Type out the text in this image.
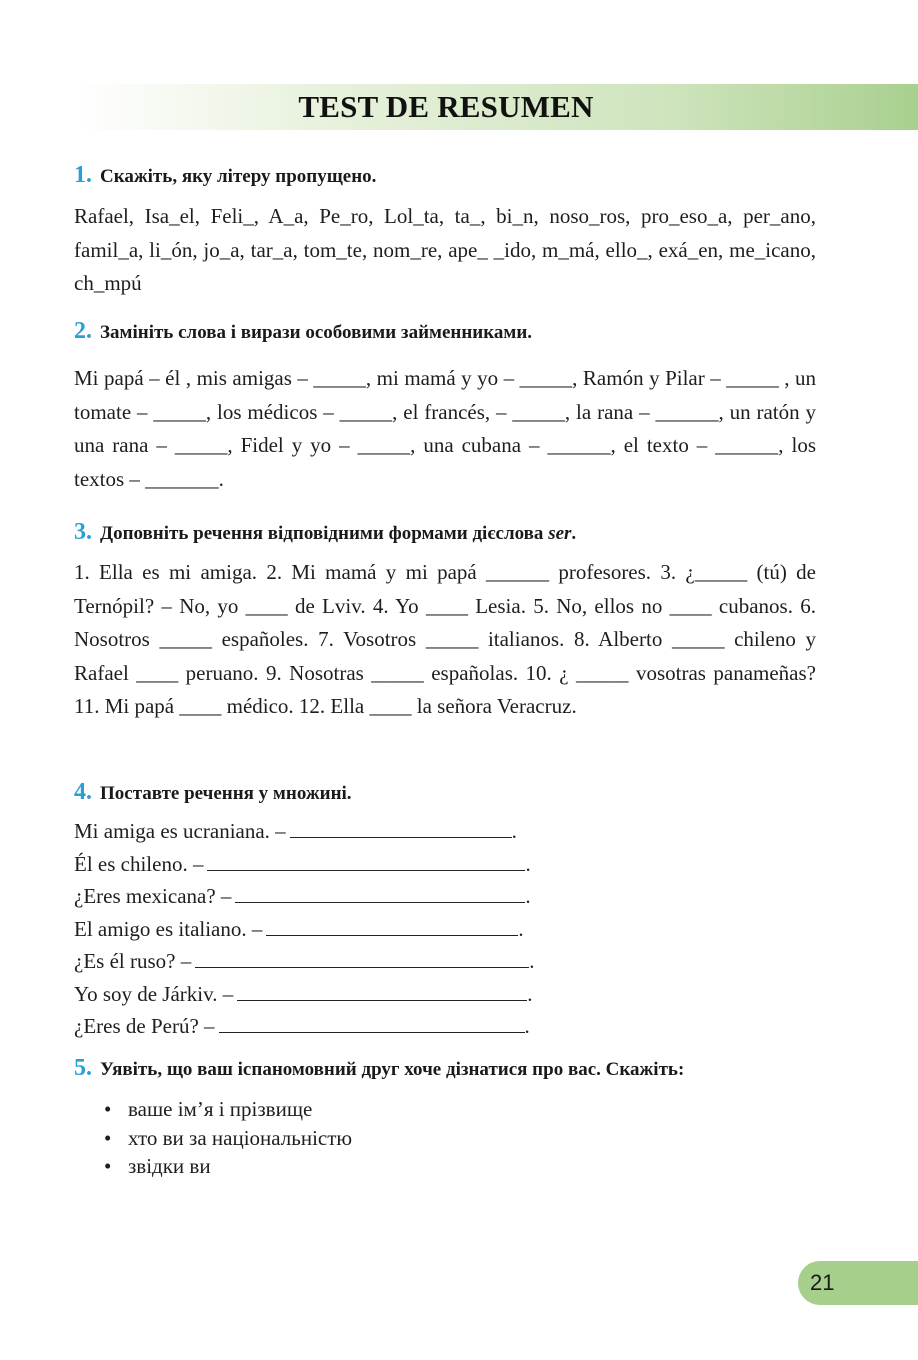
TEST DE RESUMEN
1. Скажіть, яку літеру пропущено.
Rafael, Isa_el, Feli_, A_a, Pe_ro, Lol_ta, ta_, bi_n, noso_ros, pro_eso_a, per_ano, famil_a, li_ón, jo_a, tar_a, tom_te, nom_re, ape_ _ido, m_má, ello_, exá_en, me_icano, ch_mpú
2. Замініть слова і вирази особовими займенниками.
Mi papá – él , mis amigas – _____, mi mamá y yo – _____, Ramón y Pilar – _____ , un tomate – _____, los médicos – _____, el francés, – _____, la rana – ______, un ratón y una rana – _____, Fidel y yo – _____, una cubana – ______, el texto – ______, los textos – _______.
3. Доповніть речення відповідними формами дієслова ser.
1. Ella es mi amiga. 2. Mi mamá y mi papá ______ profesores. 3. ¿_____ (tú) de Ternópil? – No, yo ____ de Lviv. 4. Yo ____ Lesia. 5. No, ellos no ____ cubanos. 6. Nosotros _____ españoles. 7. Vosotros _____ italianos. 8. Alberto _____ chileno y Rafael ____ peruano. 9. Nosotras _____ españolas. 10. ¿ _____ vosotras panameñas? 11. Mi papá ____ médico. 12. Ella ____ la señora Veracruz.
4. Поставте речення у множині.
Mi amiga es ucraniana. –	.
Él es chileno. –	.
¿Eres mexicana? –	.
El amigo es italiano. –	.
¿Es él ruso? –	.
Yo soy de Járkiv. –	.
¿Eres de Perú? –	.
5. Уявіть, що ваш іспаномовний друг хоче дізнатися про вас. Скажіть:
• ваше ім’я і прізвище
• хто ви за національністю
• звідки ви
21
